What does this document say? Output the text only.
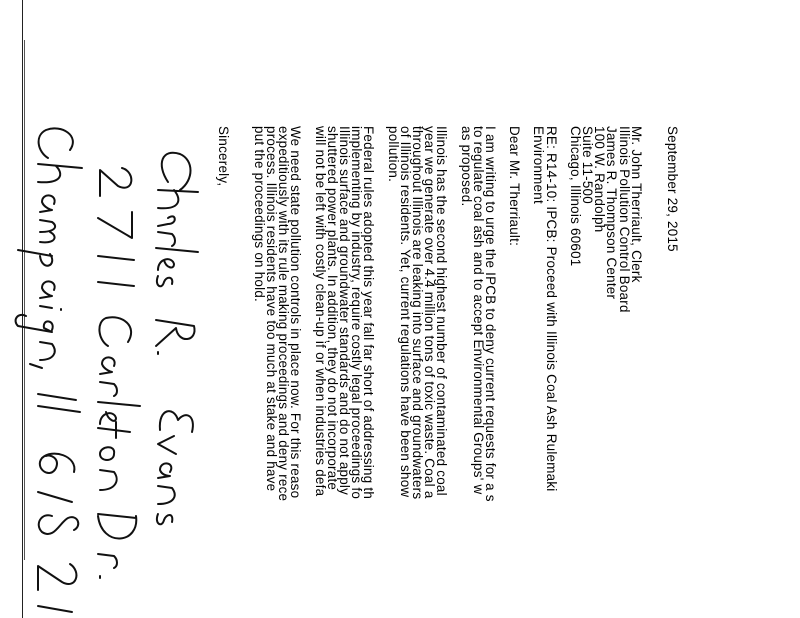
September 29, 2015
Mr. John Therriault, Clerk
Illinois Pollution Control Board
James R. Thompson Center
100 W. Randolph
Suite 11-500
Chicago, Illinois 60601
RE: R14-10: IPCB: Proceed with Illinois Coal Ash Rulemaki
Environment
Dear Mr. Therriault:

I am writing to urge the IPCB to deny current requests for a s
to regulate coal ash and to accept Environmental Groups' w
as proposed.

Illinois has the second highest number of contaminated coal
year we generate over 4.4 million tons of toxic waste. Coal a
throughout Illinois are leaking into surface and groundwaters
of Illinois residents. Yet, current regulations have been show
pollution.

Federal rules adopted this year fall far short of addressing th
implementing by industry, require costly legal proceedings fo
Illinois surface and groundwater standards and do not apply
shuttered power plants. In addition, they do not incorporate
will not be left with costly clean-up if or when industries defa

We need state pollution controls in place now. For this reaso
expeditiously with its rule making proceedings and deny rece
process. Illinois residents have too much at stake and have
put the proceedings on hold.

Sincerely,
